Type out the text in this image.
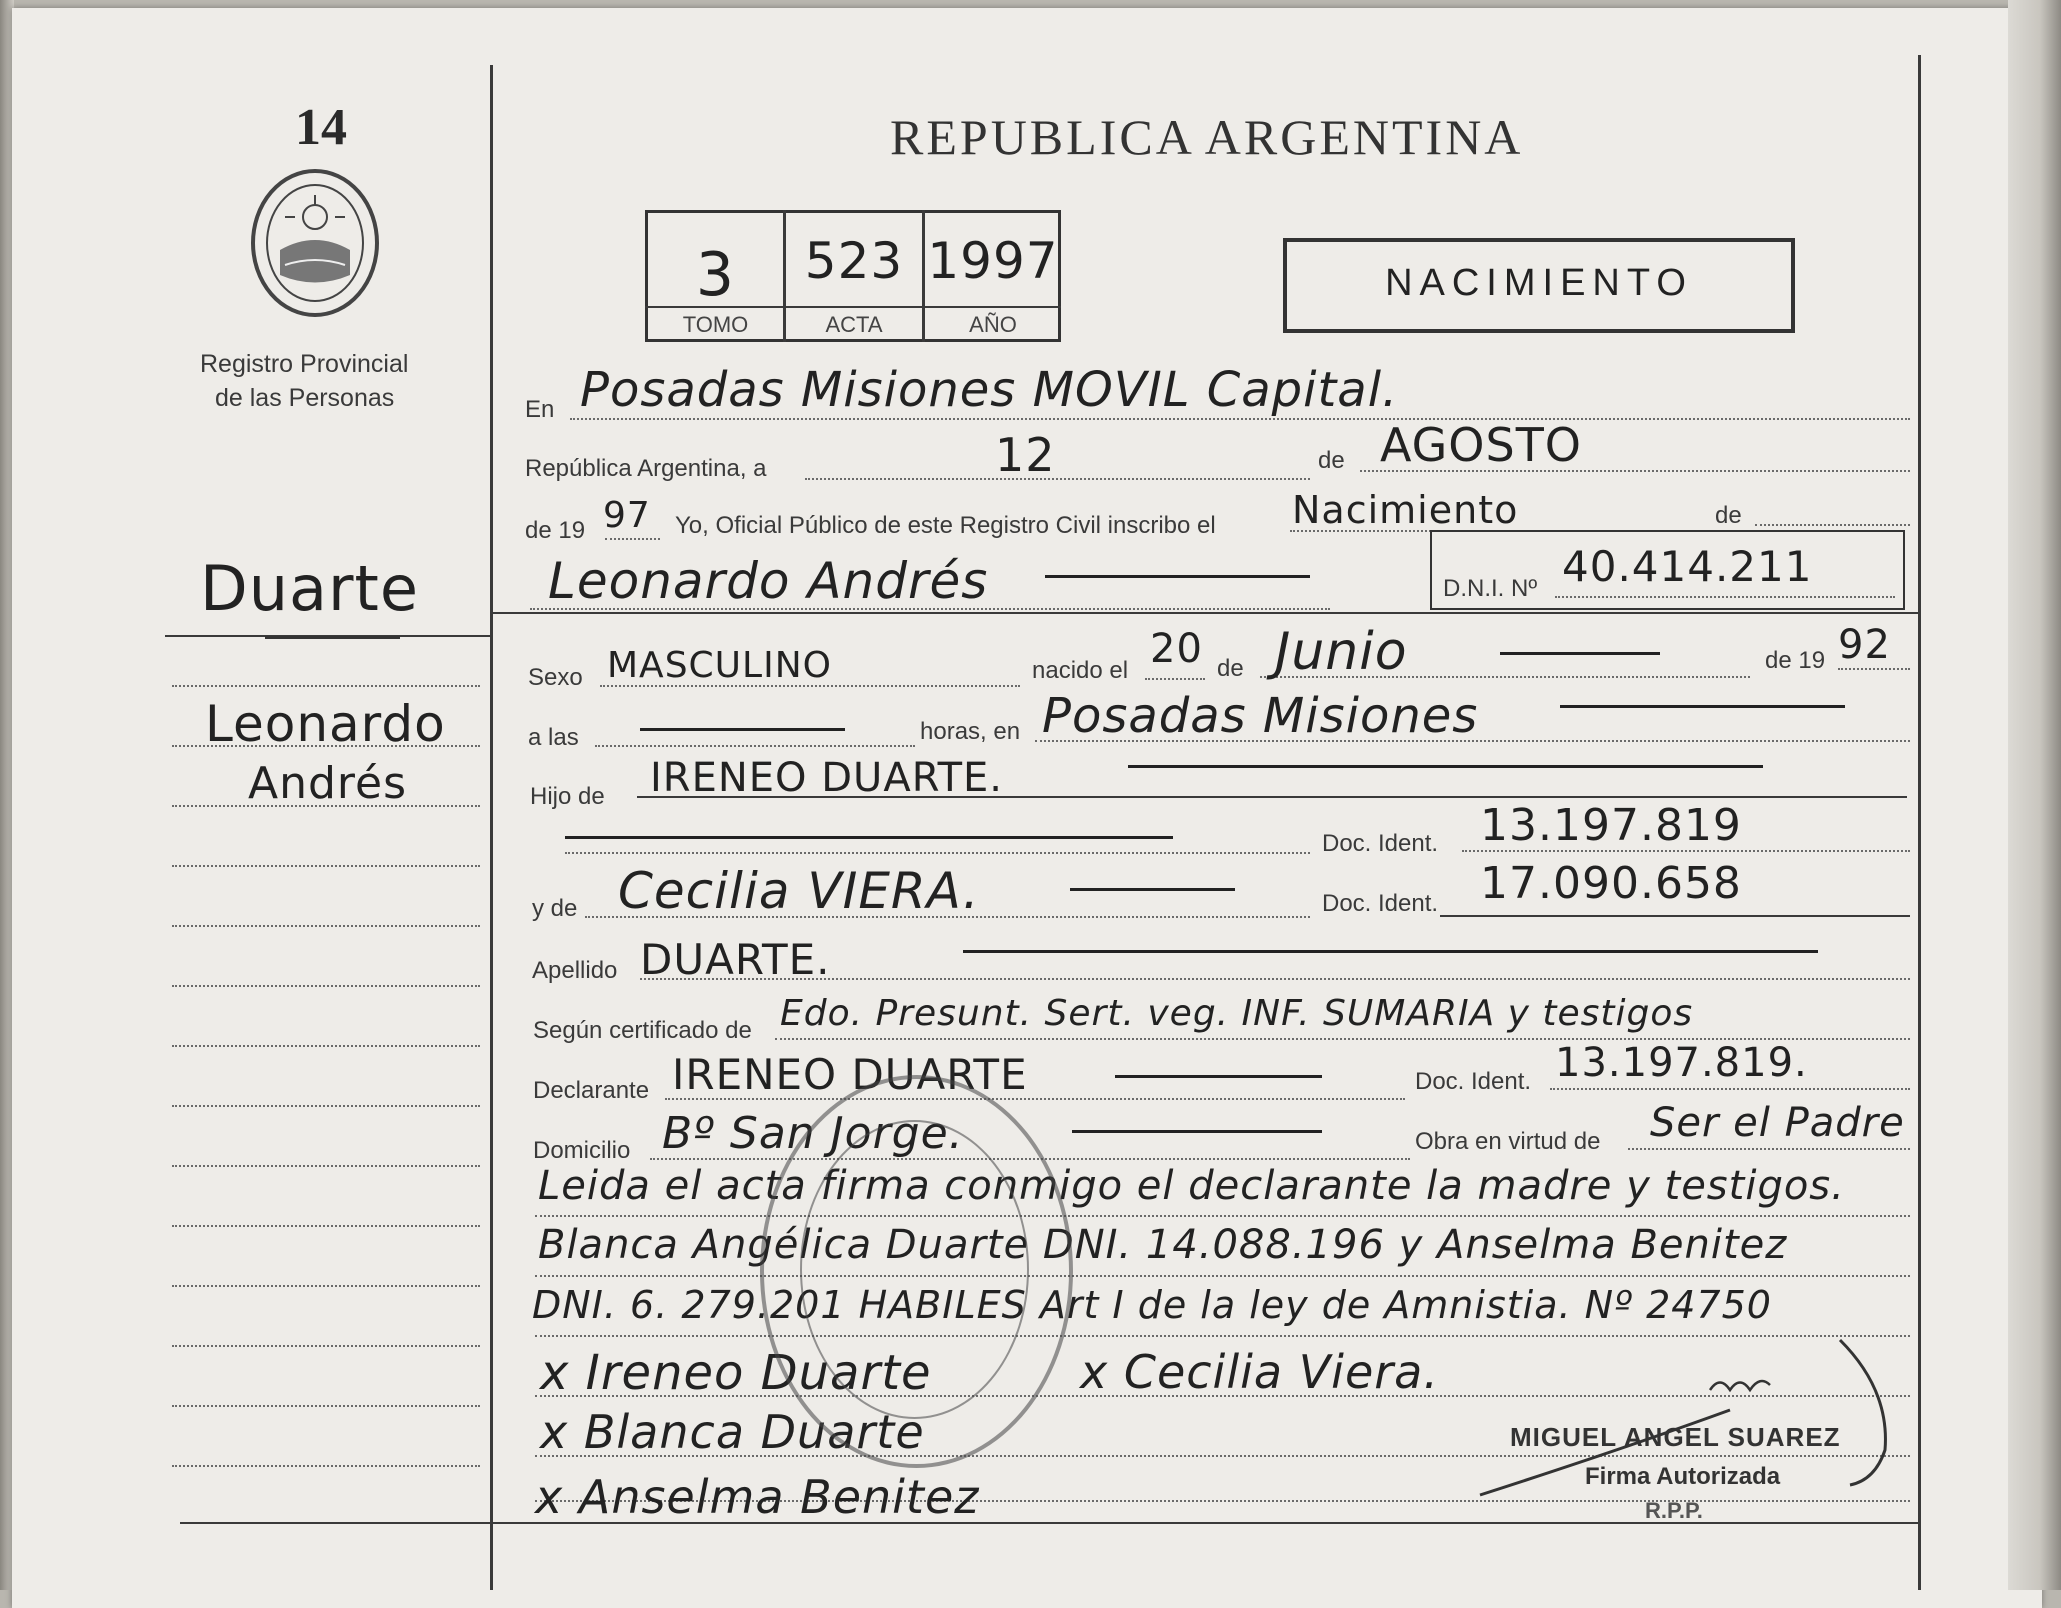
14
Registro Provincial
de las Personas
Duarte
Leonardo
Andrés
REPUBLICA ARGENTINA
3
TOMO
523
ACTA
1997
AÑO
NACIMIENTO
En Posadas Misiones MOVIL Capital.
República Argentina, a	12	de AGOSTO
de 19 97 Yo, Oficial Público de este Registro Civil inscribo el Nacimiento	de
Leonardo Andrés	D.N.I. Nº 40.414.211
Sexo MASCULINO	nacido el 20 de Junio	de 19 92
a las	horas, en Posadas Misiones
Hijo de IRENEO DUARTE.
Doc. Ident. 13.197.819
y de Cecilia VIERA.	Doc. Ident. 17.090.658
Apellido DUARTE.
Según certificado de Edo. Presunt. Sert. veg. INF. SUMARIA y testigos
Declarante IRENEO DUARTE	Doc. Ident. 13.197.819.
Domicilio Bº San Jorge.	Obra en virtud de Ser el Padre
Leida el acta firma conmigo el declarante la madre y testigos.
Blanca Angélica Duarte DNI. 14.088.196 y Anselma Benitez
DNI. 6. 279.201 HABILES Art I de la ley de Amnistia. Nº 24750
x Ireneo Duarte	x Cecilia Viera.
x Blanca Duarte
x Anselma Benitez
MIGUEL ANGEL SUAREZ
Firma Autorizada
R.P.P.
